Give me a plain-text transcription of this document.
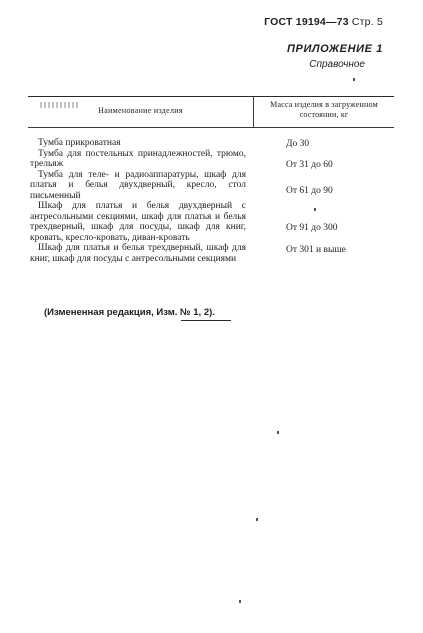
ГОСТ 19194—73 Стр. 5
ПРИЛОЖЕНИЕ 1
Справочное
Наименование изделия
Масса изделия в загруженном состоянии, кг
Тумба прикроватная	До 30
Тумба для постельных принадлежностей, трюмо, трельяж
Тумба для теле- и радиоаппаратуры, шкаф для платья и белья двухдверный, кресло, стол письменный
От 31 до 60
Шкаф для платья и белья двухдверный с антресольными секциями, шкаф для платья и белья трехдверный, шкаф для посуды, шкаф для книг, кровать, кресло-кровать, диван-кровать
От 61 до 90
Шкаф для платья и белья трехдверный, шкаф для книг, шкаф для посуды с антресольными секциями
От 91 до 300
От 301 и выше
(Измененная редакция, Изм. № 1, 2).
